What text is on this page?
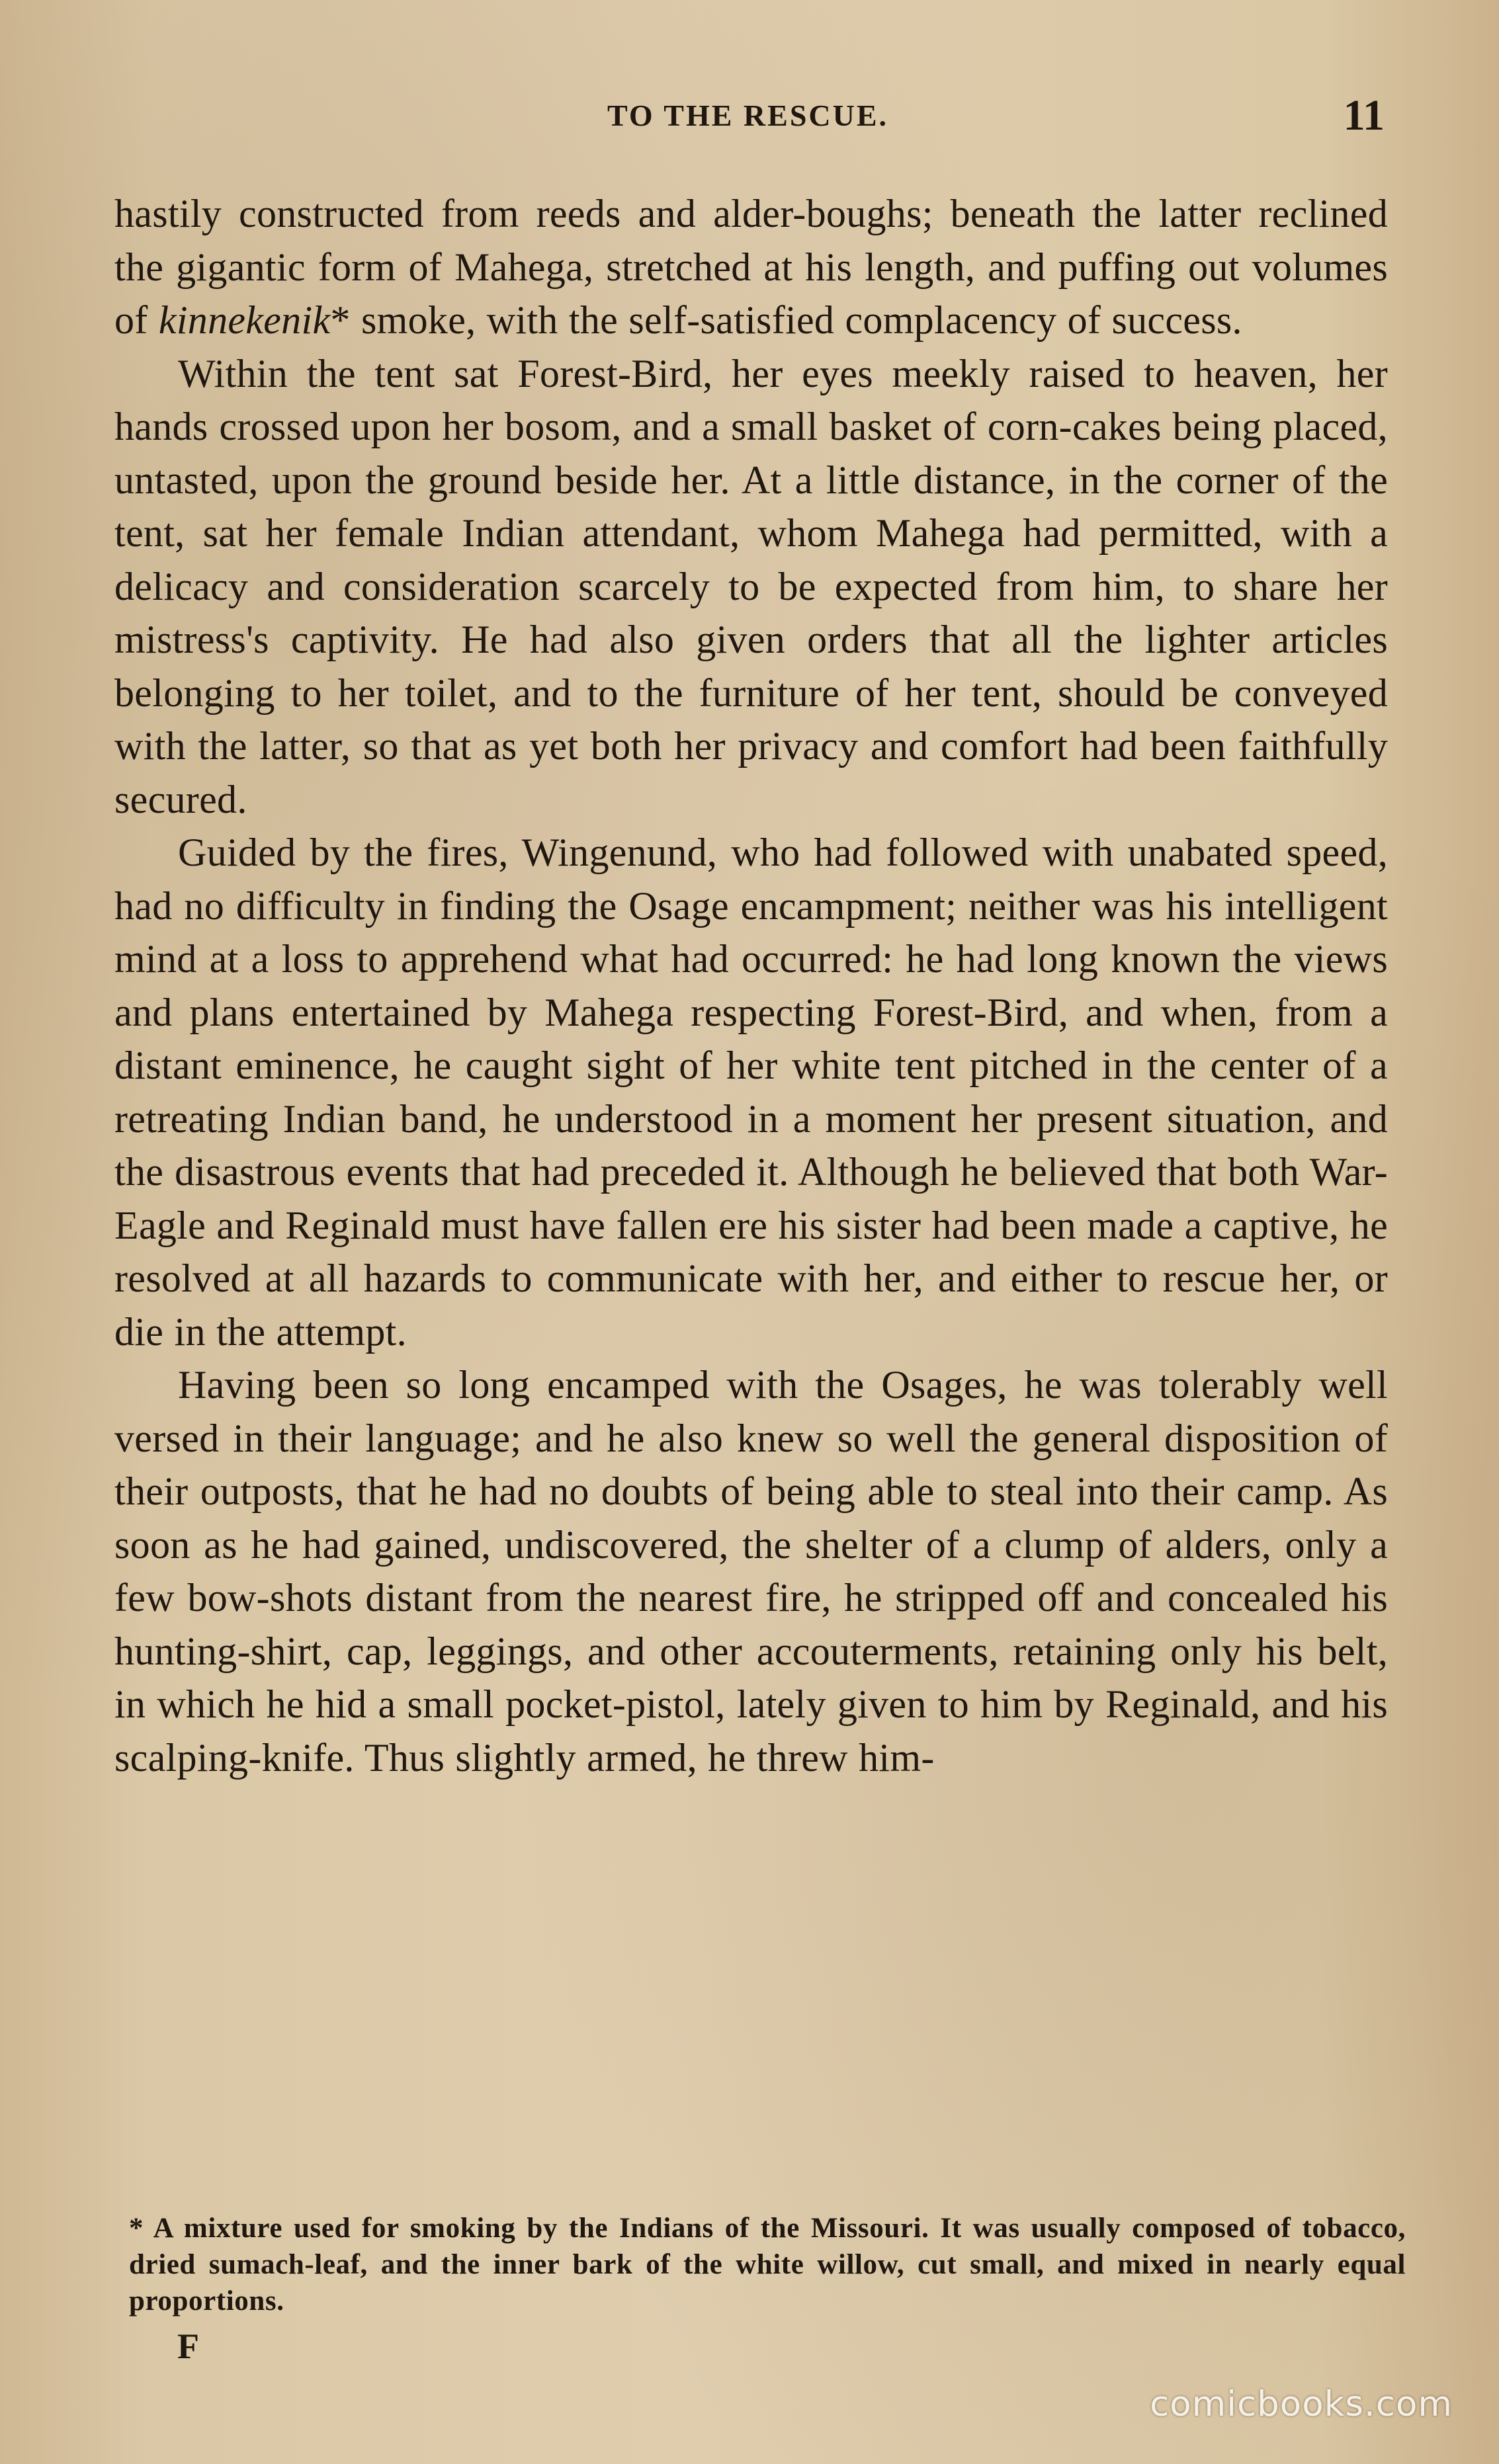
TO THE RESCUE.	11

hastily constructed from reeds and alder-boughs; beneath the latter reclined the gigantic form of Mahega, stretched at his length, and puffing out volumes of kinnekenik* smoke, with the self-satisfied complacency of success.

Within the tent sat Forest-Bird, her eyes meekly raised to heaven, her hands crossed upon her bosom, and a small basket of corn-cakes being placed, untasted, upon the ground beside her. At a little distance, in the corner of the tent, sat her female Indian attendant, whom Mahega had permitted, with a delicacy and consideration scarcely to be expected from him, to share her mistress's captivity. He had also given orders that all the lighter articles belonging to her toilet, and to the furniture of her tent, should be conveyed with the latter, so that as yet both her privacy and comfort had been faithfully secured.

Guided by the fires, Wingenund, who had followed with unabated speed, had no difficulty in finding the Osage encampment; neither was his intelligent mind at a loss to apprehend what had occurred: he had long known the views and plans entertained by Mahega respecting Forest-Bird, and when, from a distant eminence, he caught sight of her white tent pitched in the center of a retreating Indian band, he understood in a moment her present situation, and the disastrous events that had preceded it. Although he believed that both War-Eagle and Reginald must have fallen ere his sister had been made a captive, he resolved at all hazards to communicate with her, and either to rescue her, or die in the attempt.

Having been so long encamped with the Osages, he was tolerably well versed in their language; and he also knew so well the general disposition of their outposts, that he had no doubts of being able to steal into their camp. As soon as he had gained, undiscovered, the shelter of a clump of alders, only a few bow-shots distant from the nearest fire, he stripped off and concealed his hunting-shirt, cap, leggings, and other accouterments, retaining only his belt, in which he hid a small pocket-pistol, lately given to him by Reginald, and his scalping-knife. Thus slightly armed, he threw him-

* A mixture used for smoking by the Indians of the Missouri. It was usually composed of tobacco, dried sumach-leaf, and the inner bark of the white willow, cut small, and mixed in nearly equal proportions.
F
comicbooks.com
